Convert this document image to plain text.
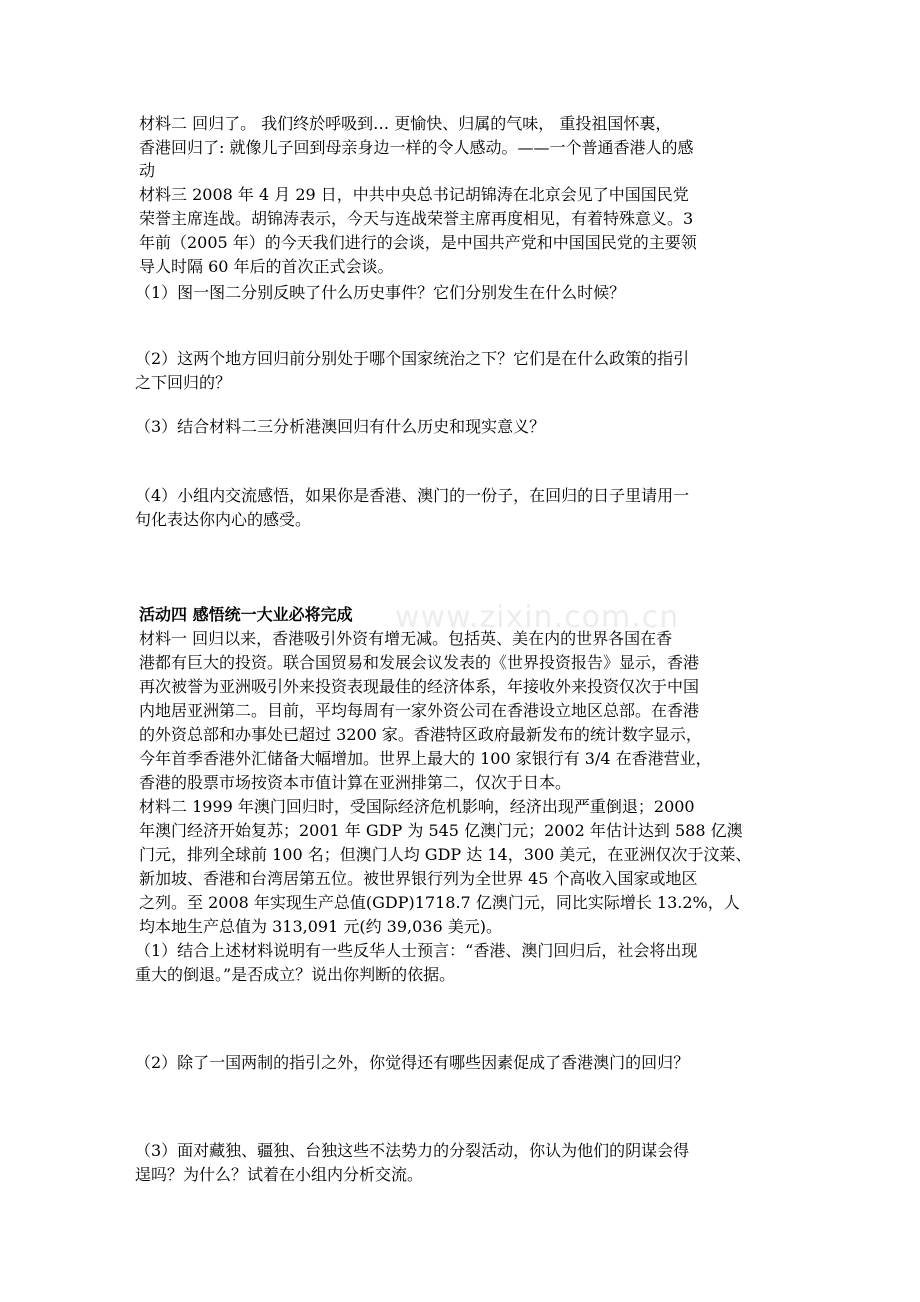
www.zixin.com.cn
材料二 回归了。 我们终於呼吸到… 更愉快、归属的气味， 重投祖国怀裏，
香港回归了: 就像儿子回到母亲身边一样的令人感动。——一个普通香港人的感
动
材料三 2008 年 4 月 29 日，中共中央总书记胡锦涛在北京会见了中国国民党
荣誉主席连战。胡锦涛表示，今天与连战荣誉主席再度相见，有着特殊意义。3
年前（2005 年）的今天我们进行的会谈，是中国共产党和中国国民党的主要领
导人时隔 60 年后的首次正式会谈。
（1）图一图二分别反映了什么历史事件？它们分别发生在什么时候？
（2）这两个地方回归前分别处于哪个国家统治之下？它们是在什么政策的指引
之下回归的？
（3）结合材料二三分析港澳回归有什么历史和现实意义？
（4）小组内交流感悟，如果你是香港、澳门的一份子，在回归的日子里请用一
句化表达你内心的感受。
活动四 感悟统一大业必将完成
材料一 回归以来，香港吸引外资有增无减。包括英、美在内的世界各国在香
港都有巨大的投资。联合国贸易和发展会议发表的《世界投资报告》显示，香港
再次被誉为亚洲吸引外来投资表现最佳的经济体系，年接收外来投资仅次于中国
内地居亚洲第二。目前，平均每周有一家外资公司在香港设立地区总部。在香港
的外资总部和办事处已超过 3200 家。香港特区政府最新发布的统计数字显示，
今年首季香港外汇储备大幅增加。世界上最大的 100 家银行有 3/4 在香港营业，
香港的股票市场按资本市值计算在亚洲排第二，仅次于日本。
材料二 1999 年澳门回归时，受国际经济危机影响，经济出现严重倒退；2000
年澳门经济开始复苏；2001 年 GDP 为 545 亿澳门元；2002 年估计达到 588 亿澳
门元，排列全球前 100 名；但澳门人均 GDP 达 14，300 美元，在亚洲仅次于汶莱、
新加坡、香港和台湾居第五位。被世界银行列为全世界 45 个高收入国家或地区
之列。至 2008 年实现生产总值(GDP)1718.7 亿澳门元，同比实际增长 13.2%，人
均本地生产总值为 313,091 元(约 39,036 美元)。
（1）结合上述材料说明有一些反华人士预言：“香港、澳门回归后，社会将出现
重大的倒退。”是否成立？说出你判断的依据。
（2）除了一国两制的指引之外，你觉得还有哪些因素促成了香港澳门的回归？
（3）面对藏独、疆独、台独这些不法势力的分裂活动，你认为他们的阴谋会得
逞吗？为什么？试着在小组内分析交流。
